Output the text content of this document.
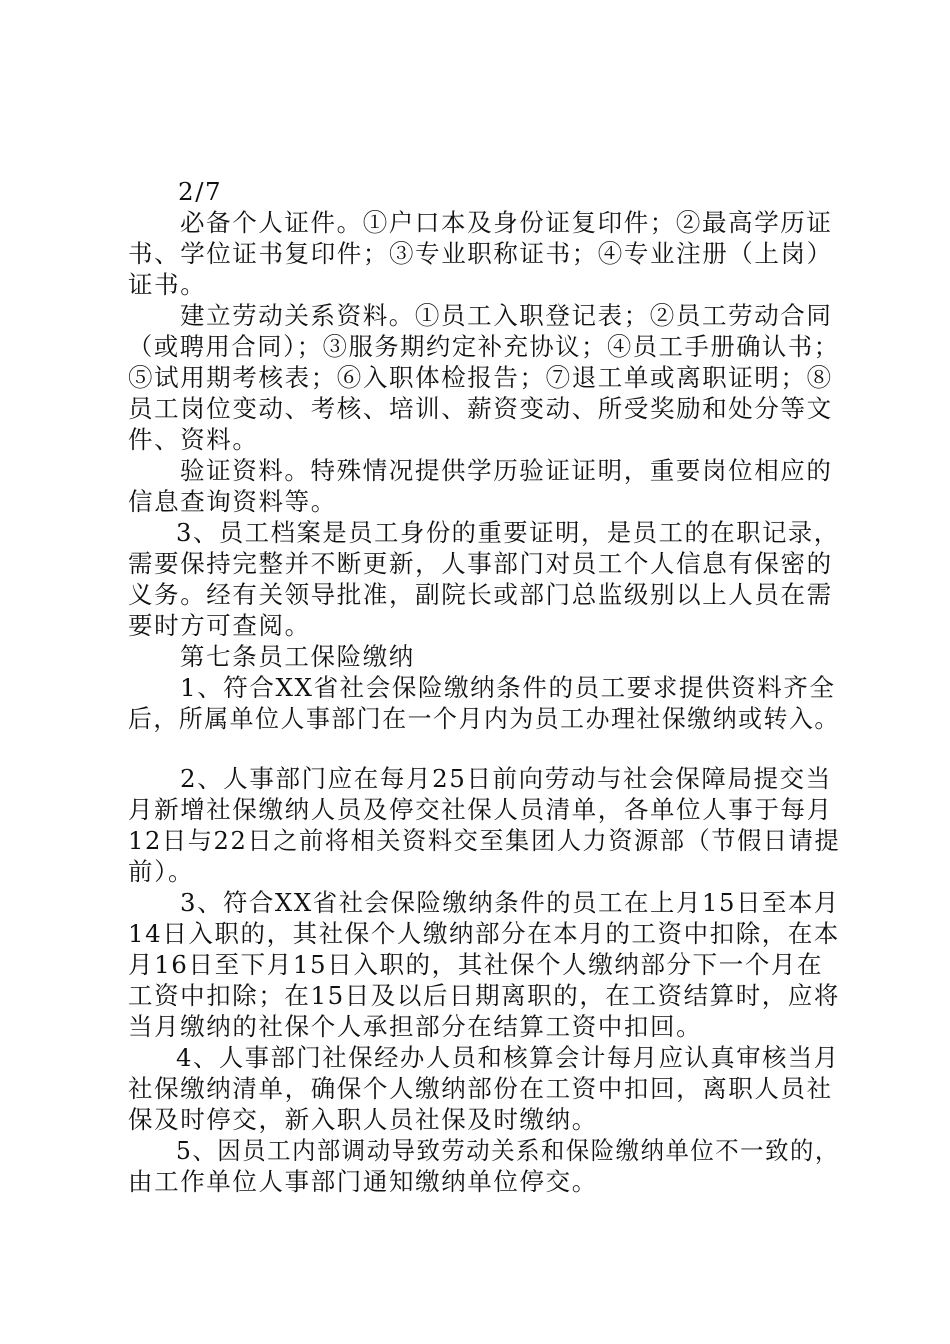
2/7
必备个人证件。①户口本及身份证复印件；②最高学历证
书、学位证书复印件；③专业职称证书；④专业注册（上岗）
证书。
建立劳动关系资料。①员工入职登记表；②员工劳动合同
（或聘用合同）；③服务期约定补充协议；④员工手册确认书；
⑤试用期考核表；⑥入职体检报告；⑦退工单或离职证明；⑧
员工岗位变动、考核、培训、薪资变动、所受奖励和处分等文
件、资料。
验证资料。特殊情况提供学历验证证明，重要岗位相应的
信息查询资料等。
3、员工档案是员工身份的重要证明，是员工的在职记录，
需要保持完整并不断更新，人事部门对员工个人信息有保密的
义务。经有关领导批准，副院长或部门总监级别以上人员在需
要时方可查阅。
第七条员工保险缴纳
1、符合XX省社会保险缴纳条件的员工要求提供资料齐全
后，所属单位人事部门在一个月内为员工办理社保缴纳或转入。
2、人事部门应在每月25日前向劳动与社会保障局提交当
月新增社保缴纳人员及停交社保人员清单，各单位人事于每月
12日与22日之前将相关资料交至集团人力资源部（节假日请提
前）。
3、符合XX省社会保险缴纳条件的员工在上月15日至本月
14日入职的，其社保个人缴纳部分在本月的工资中扣除，在本
月16日至下月15日入职的，其社保个人缴纳部分下一个月在
工资中扣除；在15日及以后日期离职的，在工资结算时，应将
当月缴纳的社保个人承担部分在结算工资中扣回。
4、人事部门社保经办人员和核算会计每月应认真审核当月
社保缴纳清单，确保个人缴纳部份在工资中扣回，离职人员社
保及时停交，新入职人员社保及时缴纳。
5、因员工内部调动导致劳动关系和保险缴纳单位不一致的，
由工作单位人事部门通知缴纳单位停交。
